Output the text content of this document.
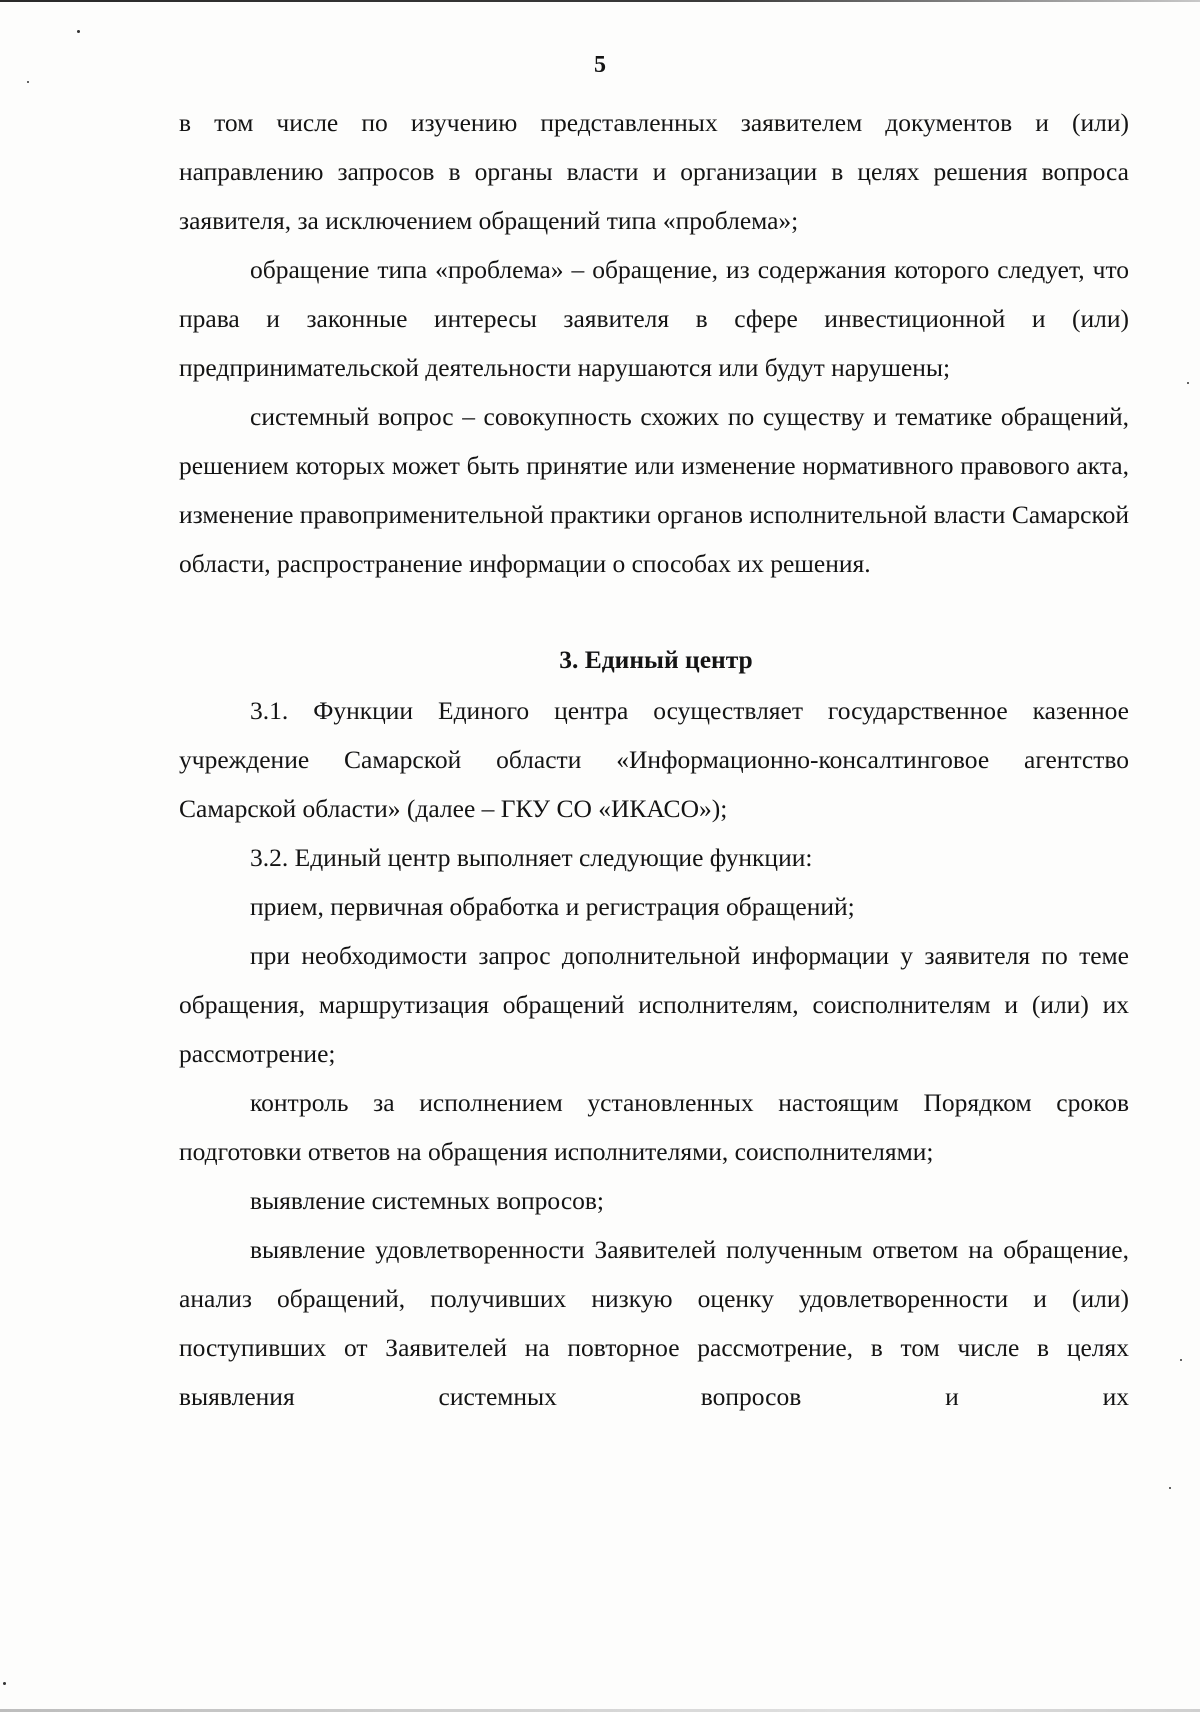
5

в том числе по изучению представленных заявителем документов и (или) направлению запросов в органы власти и организации в целях решения вопроса заявителя, за исключением обращений типа «проблема»;

обращение типа «проблема» – обращение, из содержания которого следует, что права и законные интересы заявителя в сфере инвестиционной и (или) предпринимательской деятельности нарушаются или будут нарушены;

системный вопрос – совокупность схожих по существу и тематике обращений, решением которых может быть принятие или изменение нормативного правового акта, изменение правоприменительной практики органов исполнительной власти Самарской области, распространение информации о способах их решения.

3. Единый центр

3.1. Функции Единого центра осуществляет государственное казенное учреждение Самарской области «Информационно-консалтинговое агентство Самарской области» (далее – ГКУ СО «ИКАСО»);

3.2. Единый центр выполняет следующие функции:

прием, первичная обработка и регистрация обращений;

при необходимости запрос дополнительной информации у заявителя по теме обращения, маршрутизация обращений исполнителям, соисполнителям и (или) их рассмотрение;

контроль за исполнением установленных настоящим Порядком сроков подготовки ответов на обращения исполнителями, соисполнителями;

выявление системных вопросов;

выявление удовлетворенности Заявителей полученным ответом на обращение, анализ обращений, получивших низкую оценку удовлетворенности и (или) поступивших от Заявителей на повторное рассмотрение, в том числе в целях выявления системных вопросов и их
